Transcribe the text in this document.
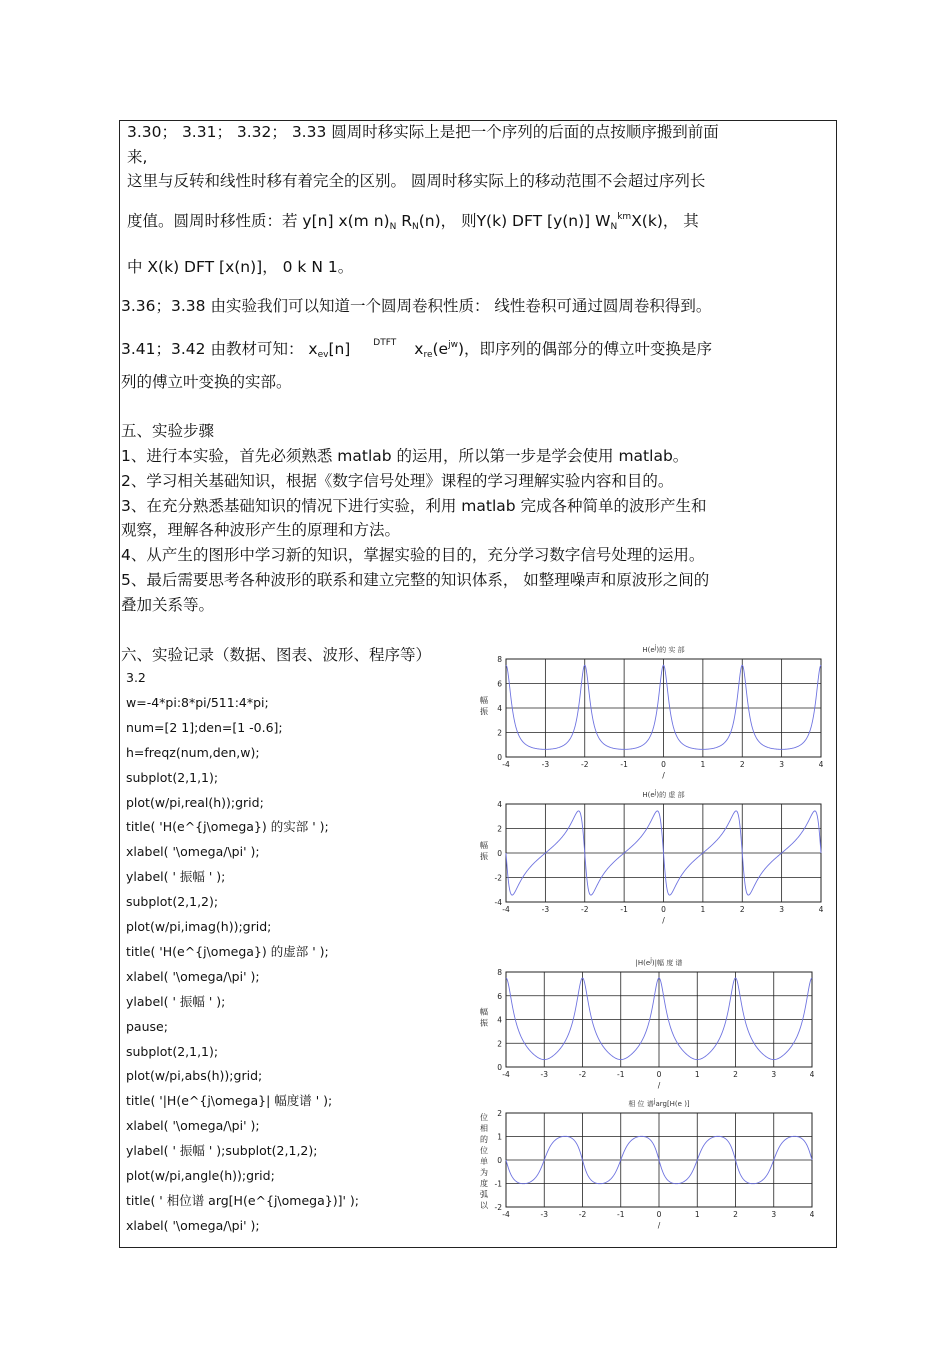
3.30； 3.31； 3.32； 3.33 圆周时移实际上是把一个序列的后面的点按顺序搬到前面
来,
这里与反转和线性时移有着完全的区别。 圆周时移实际上的移动范围不会超过序列长
度值。圆周时移性质：若 y[n] x(m $n)_N$ $R_N(n)$， 则Y(k) DFT [y(n)] $W_N^{km}X(k)$， 其
中 X(k) DFT [x(n)]， 0 k N 1。
3.36；3.38 由实验我们可以知道一个圆周卷积性质： 线性卷积可通过圆周卷积得到。
3.41；3.42 由教材可知： $x_{ev}[n]$	$^{DTFT}$ $x_{re}(e^{jw})$，即序列的偶部分的傅立叶变换是序
列的傅立叶变换的实部。
五、实验步骤
1、进行本实验，首先必须熟悉 matlab 的运用，所以第一步是学会使用 matlab。
2、学习相关基础知识，根据《数字信号处理》课程的学习理解实验内容和目的。
3、在充分熟悉基础知识的情况下进行实验，利用 matlab 完成各种简单的波形产生和
观察，理解各种波形产生的原理和方法。
4、从产生的图形中学习新的知识，掌握实验的目的，充分学习数字信号处理的运用。
5、最后需要思考各种波形的联系和建立完整的知识体系， 如整理噪声和原波形之间的
叠加关系等。
六、实验记录（数据、图表、波形、程序等）
3.2
w=-4*pi:8*pi/511:4*pi;
num=[2 1];den=[1 -0.6];
h=freqz(num,den,w);
subplot(2,1,1);
plot(w/pi,real(h));grid;
title( 'H(e^{j\omega}) 的实部 ' );
xlabel( '\omega/\pi' );
ylabel( ' 振幅 ' );
subplot(2,1,2);
plot(w/pi,imag(h));grid;
title( 'H(e^{j\omega}) 的虚部 ' );
xlabel( '\omega/\pi' );
ylabel( ' 振幅 ' );
pause;
subplot(2,1,1);
plot(w/pi,abs(h));grid;
title( '|H(e^{j\omega}| 幅度谱 ' );
xlabel( '\omega/\pi' );
ylabel( ' 振幅 ' );subplot(2,1,2);
plot(w/pi,angle(h));grid;
title( ' 相位谱 arg[H(e^{j\omega})]' );
xlabel( '\omega/\pi' );
H(ej)的 实 部
-4	-3	-2	-1	0	1	2	3	4
8
6
4
2
0
/
幅振
H(ej)的 虚 部
-4	-3	-2	-1	0	1	2	3	4
4
2
0
-2
-4
/
幅振
|H(ej)|幅 度 谱
-4	-3	-2	-1	0	1	2	3	4
8
6
4
2
0
/
幅振
相 位 谱jarg[H(e )]
-4	-3	-2	-1	0	1	2	3	4
2
1
0
-1
-2
/
位相的位单为度弧以
